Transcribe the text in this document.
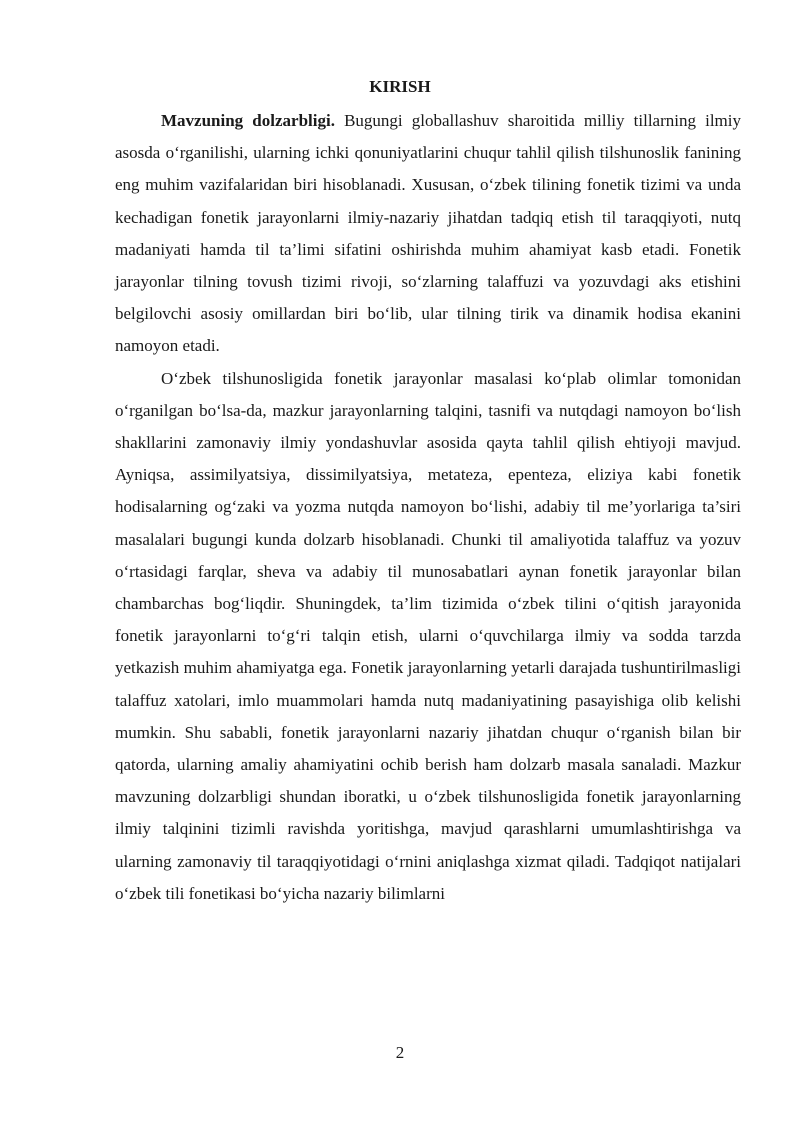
KIRISH

Mavzuning dolzarbligi. Bugungi globallashuv sharoitida milliy tillarning ilmiy asosda o‘rganilishi, ularning ichki qonuniyatlarini chuqur tahlil qilish tilshunoslik fanining eng muhim vazifalaridan biri hisoblanadi. Xususan, o‘zbek tilining fonetik tizimi va unda kechadigan fonetik jarayonlarni ilmiy-nazariy jihatdan tadqiq etish til taraqqiyoti, nutq madaniyati hamda til ta’limi sifatini oshirishda muhim ahamiyat kasb etadi. Fonetik jarayonlar tilning tovush tizimi rivoji, so‘zlarning talaffuzi va yozuvdagi aks etishini belgilovchi asosiy omillardan biri bo‘lib, ular tilning tirik va dinamik hodisa ekanini namoyon etadi.

O‘zbek tilshunosligida fonetik jarayonlar masalasi ko‘plab olimlar tomonidan o‘rganilgan bo‘lsa-da, mazkur jarayonlarning talqini, tasnifi va nutqdagi namoyon bo‘lish shakllarini zamonaviy ilmiy yondashuvlar asosida qayta tahlil qilish ehtiyoji mavjud. Ayniqsa, assimilyatsiya, dissimilyatsiya, metateza, epenteza, eliziya kabi fonetik hodisalarning og‘zaki va yozma nutqda namoyon bo‘lishi, adabiy til me’yorlariga ta’siri masalalari bugungi kunda dolzarb hisoblanadi. Chunki til amaliyotida talaffuz va yozuv o‘rtasidagi farqlar, sheva va adabiy til munosabatlari aynan fonetik jarayonlar bilan chambarchas bog‘liqdir. Shuningdek, ta’lim tizimida o‘zbek tilini o‘qitish jarayonida fonetik jarayonlarni to‘g‘ri talqin etish, ularni o‘quvchilarga ilmiy va sodda tarzda yetkazish muhim ahamiyatga ega. Fonetik jarayonlarning yetarli darajada tushuntirilmasligi talaffuz xatolari, imlo muammolari hamda nutq madaniyatining pasayishiga olib kelishi mumkin. Shu sababli, fonetik jarayonlarni nazariy jihatdan chuqur o‘rganish bilan bir qatorda, ularning amaliy ahamiyatini ochib berish ham dolzarb masala sanaladi. Mazkur mavzuning dolzarbligi shundan iboratki, u o‘zbek tilshunosligida fonetik jarayonlarning ilmiy talqinini tizimli ravishda yoritishga, mavjud qarashlarni umumlashtirishga va ularning zamonaviy til taraqqiyotidagi o‘rnini aniqlashga xizmat qiladi. Tadqiqot natijalari o‘zbek tili fonetikasi bo‘yicha nazariy bilimlarni

2
